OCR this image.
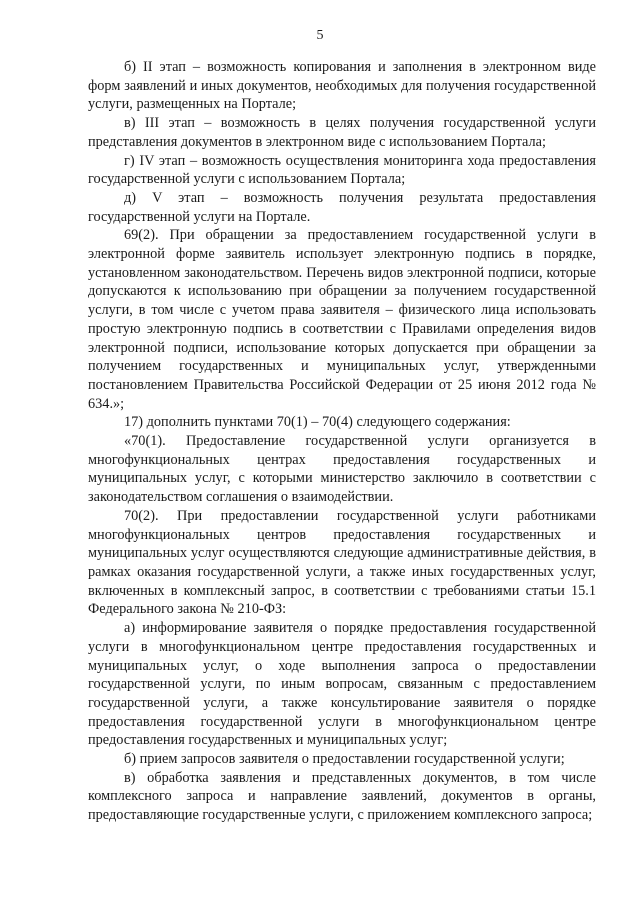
5

б) II этап – возможность копирования и заполнения в электронном виде форм заявлений и иных документов, необходимых для получения государственной услуги, размещенных на Портале;

в) III этап – возможность в целях получения государственной услуги представления документов в электронном виде с использованием Портала;

г) IV этап – возможность осуществления мониторинга хода предоставления государственной услуги с использованием Портала;

д) V этап – возможность получения результата предоставления государственной услуги на Портале.

69(2). При обращении за предоставлением государственной услуги в электронной форме заявитель использует электронную подпись в порядке, установленном законодательством. Перечень видов электронной подписи, которые допускаются к использованию при обращении за получением государственной услуги, в том числе с учетом права заявителя – физического лица использовать простую электронную подпись в соответствии с Правилами определения видов электронной подписи, использование которых допускается при обращении за получением государственных и муниципальных услуг, утвержденными постановлением Правительства Российской Федерации от 25 июня 2012 года № 634.»;

17) дополнить пунктами 70(1) – 70(4) следующего содержания:

«70(1). Предоставление государственной услуги организуется в многофункциональных центрах предоставления государственных и муниципальных услуг, с которыми министерство заключило в соответствии с законодательством соглашения о взаимодействии.

70(2). При предоставлении государственной услуги работниками многофункциональных центров предоставления государственных и муниципальных услуг осуществляются следующие административные действия, в рамках оказания государственной услуги, а также иных государственных услуг, включенных в комплексный запрос, в соответствии с требованиями статьи 15.1 Федерального закона № 210-ФЗ:

а) информирование заявителя о порядке предоставления государственной услуги в многофункциональном центре предоставления государственных и муниципальных услуг, о ходе выполнения запроса о предоставлении государственной услуги, по иным вопросам, связанным с предоставлением государственной услуги, а также консультирование заявителя о порядке предоставления государственной услуги в многофункциональном центре предоставления государственных и муниципальных услуг;

б) прием запросов заявителя о предоставлении государственной услуги;

в) обработка заявления и представленных документов, в том числе комплексного запроса и направление заявлений, документов в органы, предоставляющие государственные услуги, с приложением комплексного запроса;
